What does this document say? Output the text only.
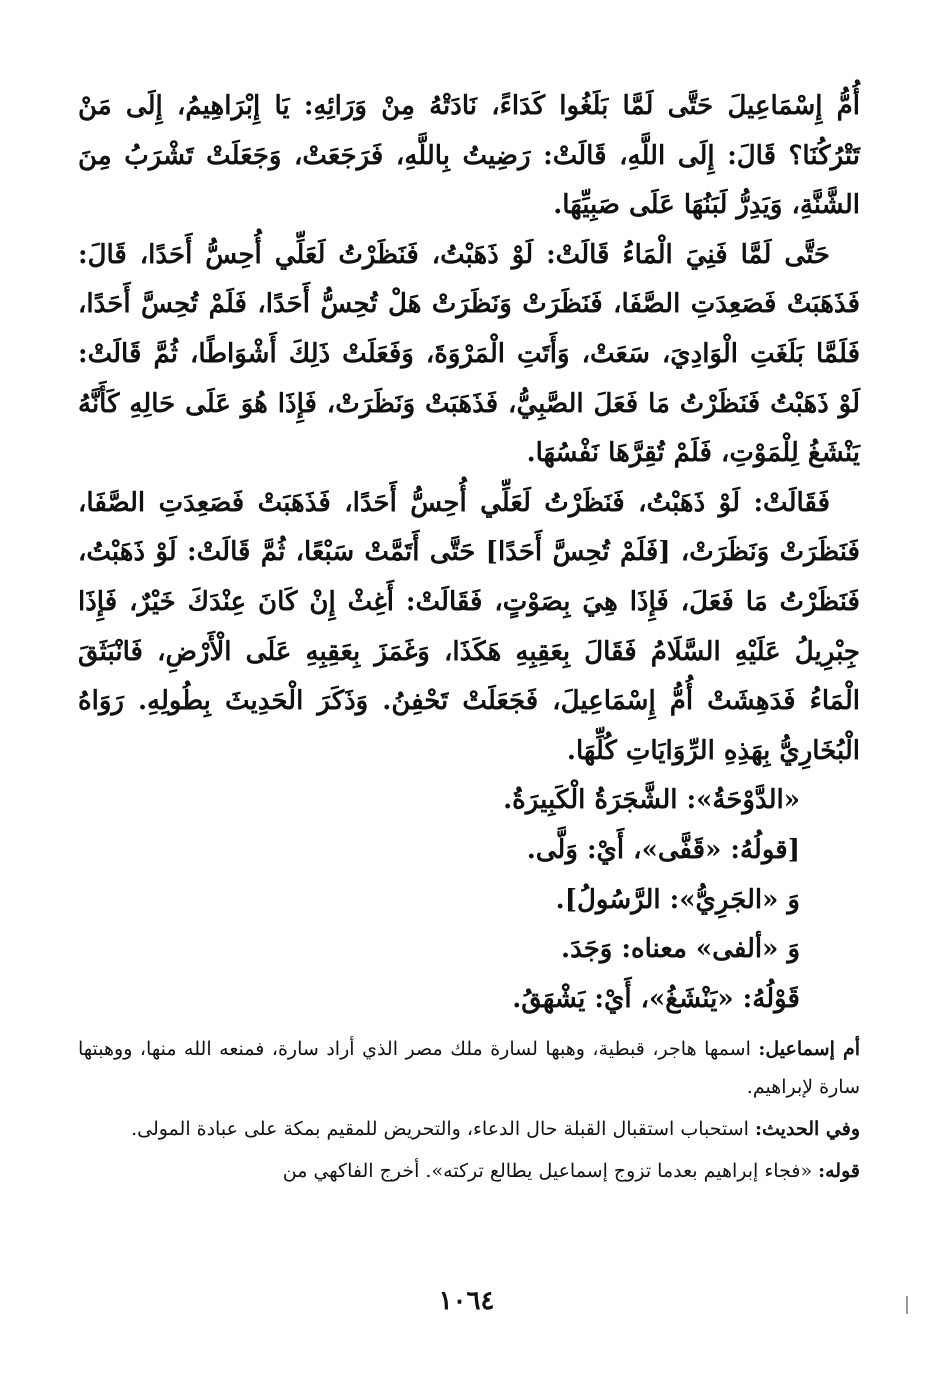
أُمُّ إِسْمَاعِيلَ حَتَّى لَمَّا بَلَغُوا كَدَاءً، نَادَتْهُ مِنْ وَرَائِهِ: يَا إِبْرَاهِيمُ، إِلَى مَنْ تَتْرُكُنَا؟ قَالَ: إِلَى اللَّهِ، قَالَتْ: رَضِيتُ بِاللَّهِ، فَرَجَعَتْ، وَجَعَلَتْ تَشْرَبُ مِنَ الشَّنَّةِ، وَيَدِرُّ لَبَنُهَا عَلَى صَبِيِّهَا.

حَتَّى لَمَّا فَنِيَ الْمَاءُ قَالَتْ: لَوْ ذَهَبْتُ، فَنَظَرْتُ لَعَلِّي أُحِسُّ أَحَدًا، قَالَ: فَذَهَبَتْ فَصَعِدَتِ الصَّفَا، فَنَظَرَتْ وَنَظَرَتْ هَلْ تُحِسُّ أَحَدًا، فَلَمْ تُحِسَّ أَحَدًا، فَلَمَّا بَلَغَتِ الْوَادِيَ، سَعَتْ، وَأَتَتِ الْمَرْوَةَ، وَفَعَلَتْ ذَلِكَ أَشْوَاطًا، ثُمَّ قَالَتْ: لَوْ ذَهَبْتُ فَنَظَرْتُ مَا فَعَلَ الصَّبِيُّ، فَذَهَبَتْ وَنَظَرَتْ، فَإِذَا هُوَ عَلَى حَالِهِ كَأَنَّهُ يَنْشَغُ لِلْمَوْتِ، فَلَمْ تُقِرَّهَا نَفْسُهَا.

فَقَالَتْ: لَوْ ذَهَبْتُ، فَنَظَرْتُ لَعَلِّي أُحِسُّ أَحَدًا، فَذَهَبَتْ فَصَعِدَتِ الصَّفَا، فَنَظَرَتْ وَنَظَرَتْ، [فَلَمْ تُحِسَّ أَحَدًا] حَتَّى أَتَمَّتْ سَبْعًا، ثُمَّ قَالَتْ: لَوْ ذَهَبْتُ، فَنَظَرْتُ مَا فَعَلَ، فَإِذَا هِيَ بِصَوْتٍ، فَقَالَتْ: أَغِثْ إِنْ كَانَ عِنْدَكَ خَيْرٌ، فَإِذَا جِبْرِيلُ عَلَيْهِ السَّلَامُ فَقَالَ بِعَقِبِهِ هَكَذَا، وَغَمَزَ بِعَقِبِهِ عَلَى الْأَرْضِ، فَانْبَثَقَ الْمَاءُ فَدَهِشَتْ أُمُّ إِسْمَاعِيلَ، فَجَعَلَتْ تَحْفِنُ. وَذَكَرَ الْحَدِيثَ بِطُولِهِ. رَوَاهُ الْبُخَارِيُّ بِهَذِهِ الرِّوَايَاتِ كُلِّهَا.

«الدَّوْحَةُ»: الشَّجَرَةُ الْكَبِيرَةُ.
[قولُهُ: «قَفَّى»، أَيْ: وَلَّى.
وَ «الجَرِيُّ»: الرَّسُولُ].
وَ «ألفى» معناه: وَجَدَ.
قَوْلُهُ: «يَنْشَغُ»، أَيْ: يَشْهَقُ.

أم إسماعيل: اسمها هاجر، قبطية، وهبها لسارة ملك مصر الذي أراد سارة، فمنعه الله منها، ووهبتها سارة لإبراهيم.

وفي الحديث: استحباب استقبال القبلة حال الدعاء، والتحريض للمقيم بمكة على عبادة المولى.

قوله: «فجاء إبراهيم بعدما تزوج إسماعيل يطالع تركته». أخرج الفاكهي من

١٠٦٤
